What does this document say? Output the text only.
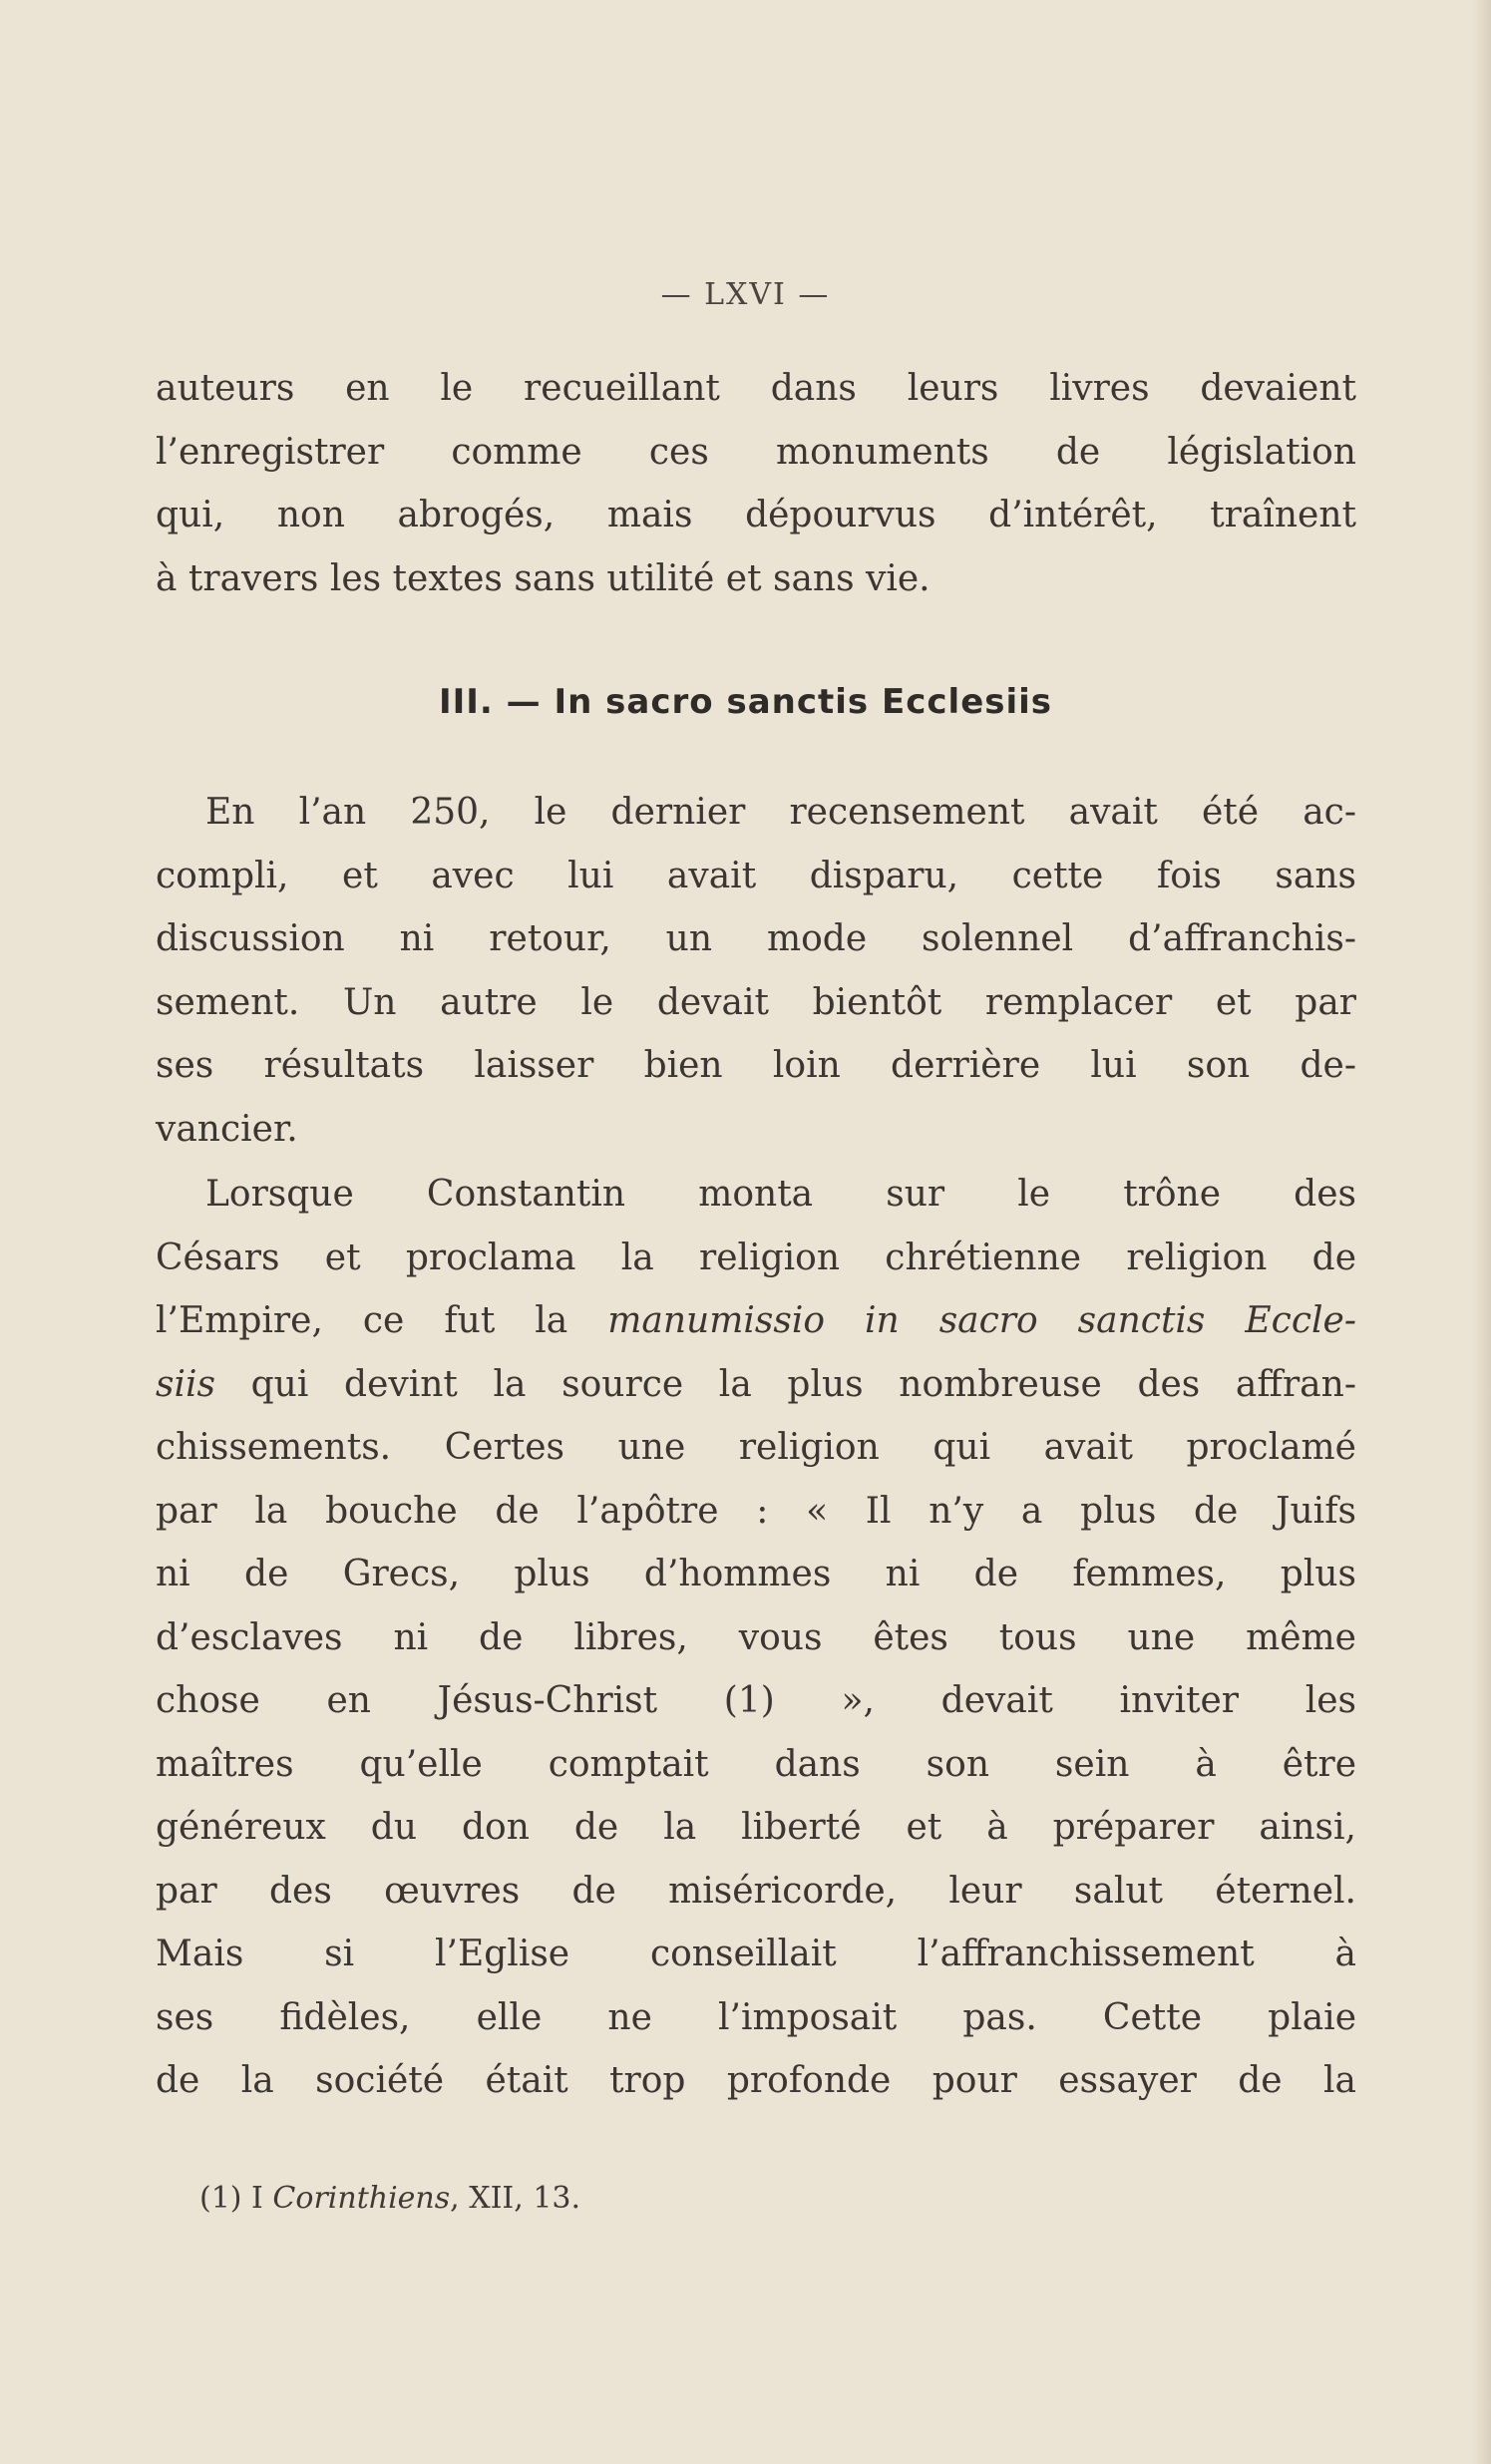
— LXVI —
auteurs en le recueillant dans leurs livres devaient
l’enregistrer comme ces monuments de législation
qui, non abrogés, mais dépourvus d’intérêt, traînent
à travers les textes sans utilité et sans vie.
III. — In sacro sanctis Ecclesiis
En l’an 250, le dernier recensement avait été ac-
compli, et avec lui avait disparu, cette fois sans
discussion ni retour, un mode solennel d’affranchis-
sement. Un autre le devait bientôt remplacer et par
ses résultats laisser bien loin derrière lui son de-
vancier.
Lorsque Constantin monta sur le trône des
Césars et proclama la religion chrétienne religion de
l’Empire, ce fut la manumissio in sacro sanctis Eccle-
siis qui devint la source la plus nombreuse des affran-
chissements. Certes une religion qui avait proclamé
par la bouche de l’apôtre : « Il n’y a plus de Juifs
ni de Grecs, plus d’hommes ni de femmes, plus
d’esclaves ni de libres, vous êtes tous une même
chose en Jésus-Christ (1) », devait inviter les
maîtres qu’elle comptait dans son sein à être
généreux du don de la liberté et à préparer ainsi,
par des œuvres de miséricorde, leur salut éternel.
Mais si l’Eglise conseillait l’affranchissement à
ses fidèles, elle ne l’imposait pas. Cette plaie
de la société était trop profonde pour essayer de la
(1) I Corinthiens, XII, 13.
